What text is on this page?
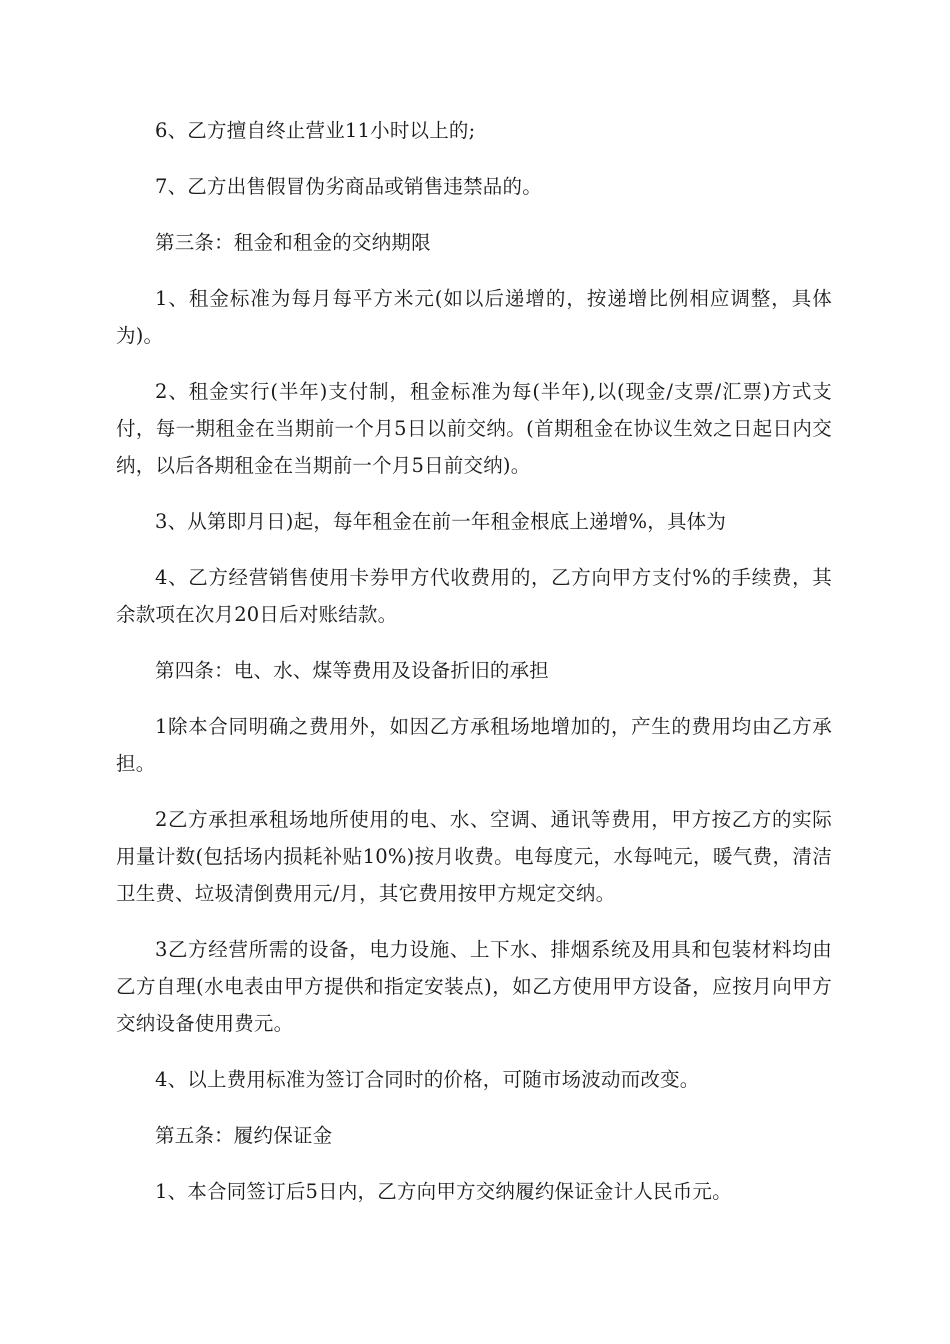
6、乙方擅自终止营业11小时以上的;

7、乙方出售假冒伪劣商品或销售违禁品的。

第三条：租金和租金的交纳期限

1、租金标准为每月每平方米元(如以后递增的，按递增比例相应调整，具体为)。

2、租金实行(半年)支付制，租金标准为每(半年),以(现金/支票/汇票)方式支付，每一期租金在当期前一个月5日以前交纳。(首期租金在协议生效之日起日内交纳，以后各期租金在当期前一个月5日前交纳)。

3、从第即月日)起，每年租金在前一年租金根底上递增%，具体为

4、乙方经营销售使用卡券甲方代收费用的，乙方向甲方支付%的手续费，其余款项在次月20日后对账结款。

第四条：电、水、煤等费用及设备折旧的承担

1除本合同明确之费用外，如因乙方承租场地增加的，产生的费用均由乙方承担。

2乙方承担承租场地所使用的电、水、空调、通讯等费用，甲方按乙方的实际用量计数(包括场内损耗补贴10%)按月收费。电每度元，水每吨元，暖气费，清洁卫生费、垃圾清倒费用元/月，其它费用按甲方规定交纳。

3乙方经营所需的设备，电力设施、上下水、排烟系统及用具和包装材料均由乙方自理(水电表由甲方提供和指定安装点)，如乙方使用甲方设备，应按月向甲方交纳设备使用费元。

4、以上费用标准为签订合同时的价格，可随市场波动而改变。

第五条：履约保证金

1、本合同签订后5日内，乙方向甲方交纳履约保证金计人民币元。
